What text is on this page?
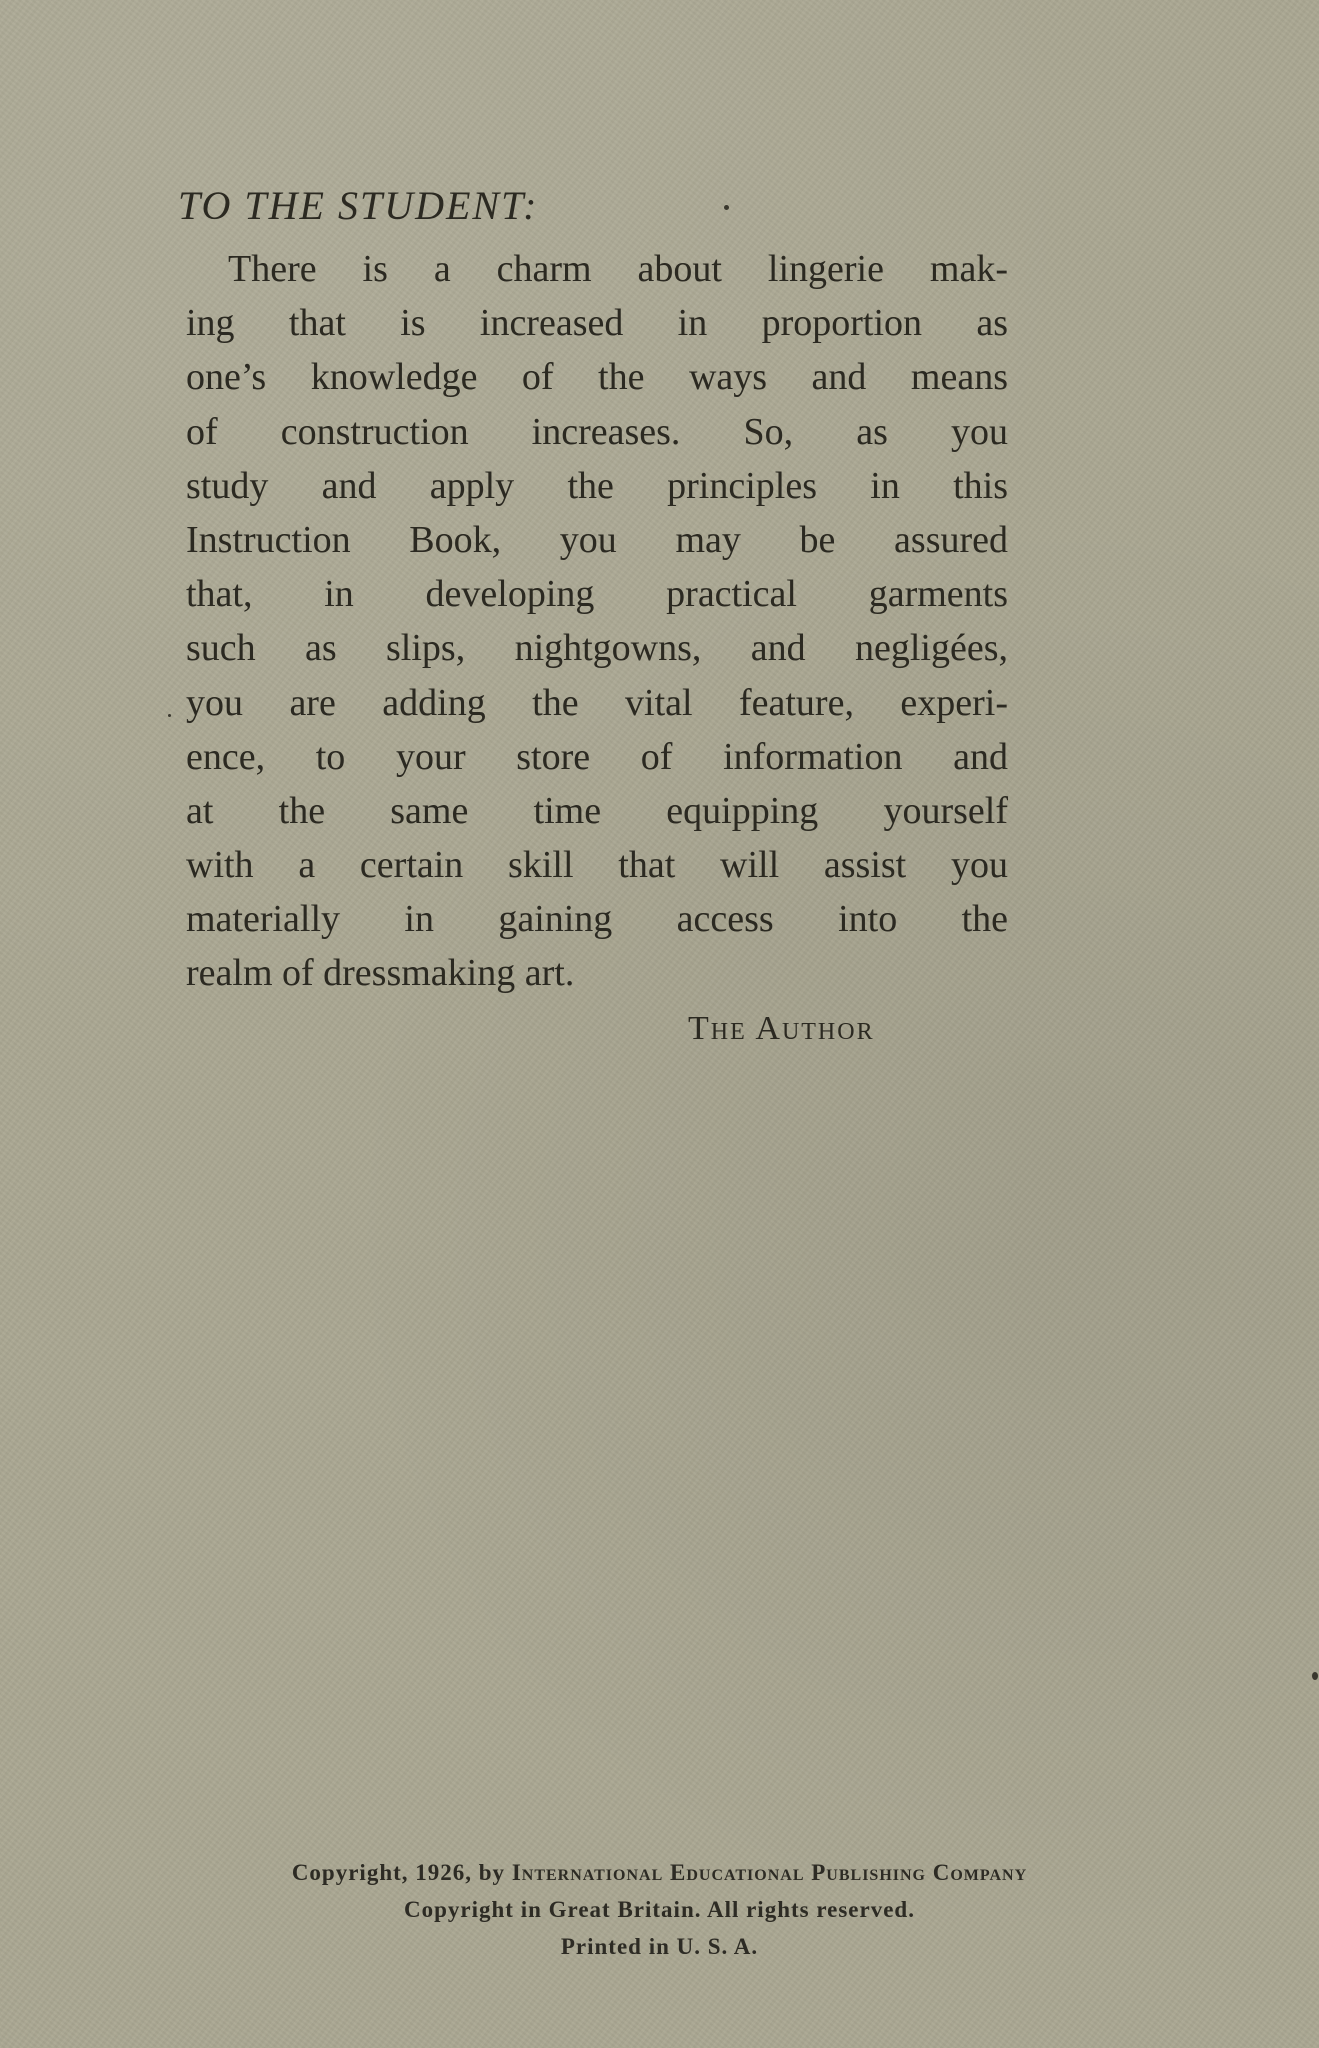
TO THE STUDENT:
There is a charm about lingerie mak-
ing that is increased in proportion as
one’s knowledge of the ways and means
of construction increases. So, as you
study and apply the principles in this
Instruction Book, you may be assured
that, in developing practical garments
such as slips, nightgowns, and negligées,
you are adding the vital feature, experi-
ence, to your store of information and
at the same time equipping yourself
with a certain skill that will assist you
materially in gaining access into the
realm of dressmaking art.
The Author
Copyright, 1926, by International Educational Publishing Company
Copyright in Great Britain. All rights reserved.
Printed in U. S. A.
